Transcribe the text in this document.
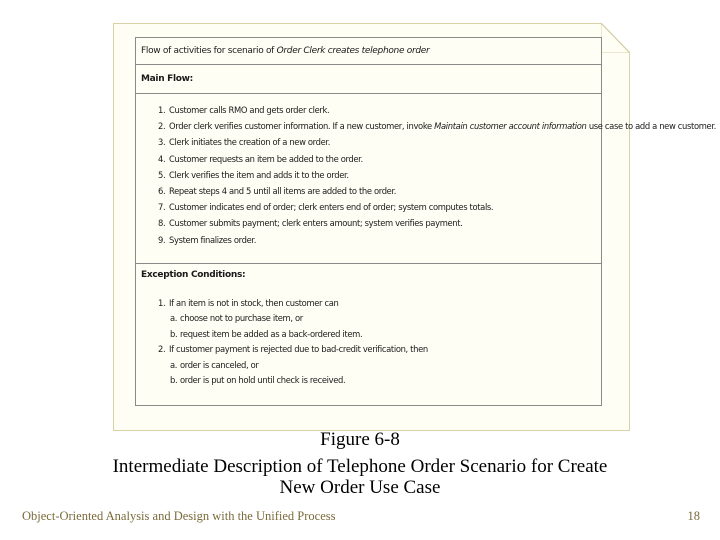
Flow of activities for scenario of Order Clerk creates telephone order
Main Flow:
1. Customer calls RMO and gets order clerk.
2. Order clerk verifies customer information. If a new customer, invoke Maintain customer account information use case to add a new customer.
3. Clerk initiates the creation of a new order.
4. Customer requests an item be added to the order.
5. Clerk verifies the item and adds it to the order.
6. Repeat steps 4 and 5 until all items are added to the order.
7. Customer indicates end of order; clerk enters end of order; system computes totals.
8. Customer submits payment; clerk enters amount; system verifies payment.
9. System finalizes order.
Exception Conditions:
1. If an item is not in stock, then customer can
a. choose not to purchase item, or
b. request item be added as a back-ordered item.
2. If customer payment is rejected due to bad-credit verification, then
a. order is canceled, or
b. order is put on hold until check is received.
Figure 6-8
Intermediate Description of Telephone Order Scenario for Create
New Order Use Case
Object-Oriented Analysis and Design with the Unified Process	18
